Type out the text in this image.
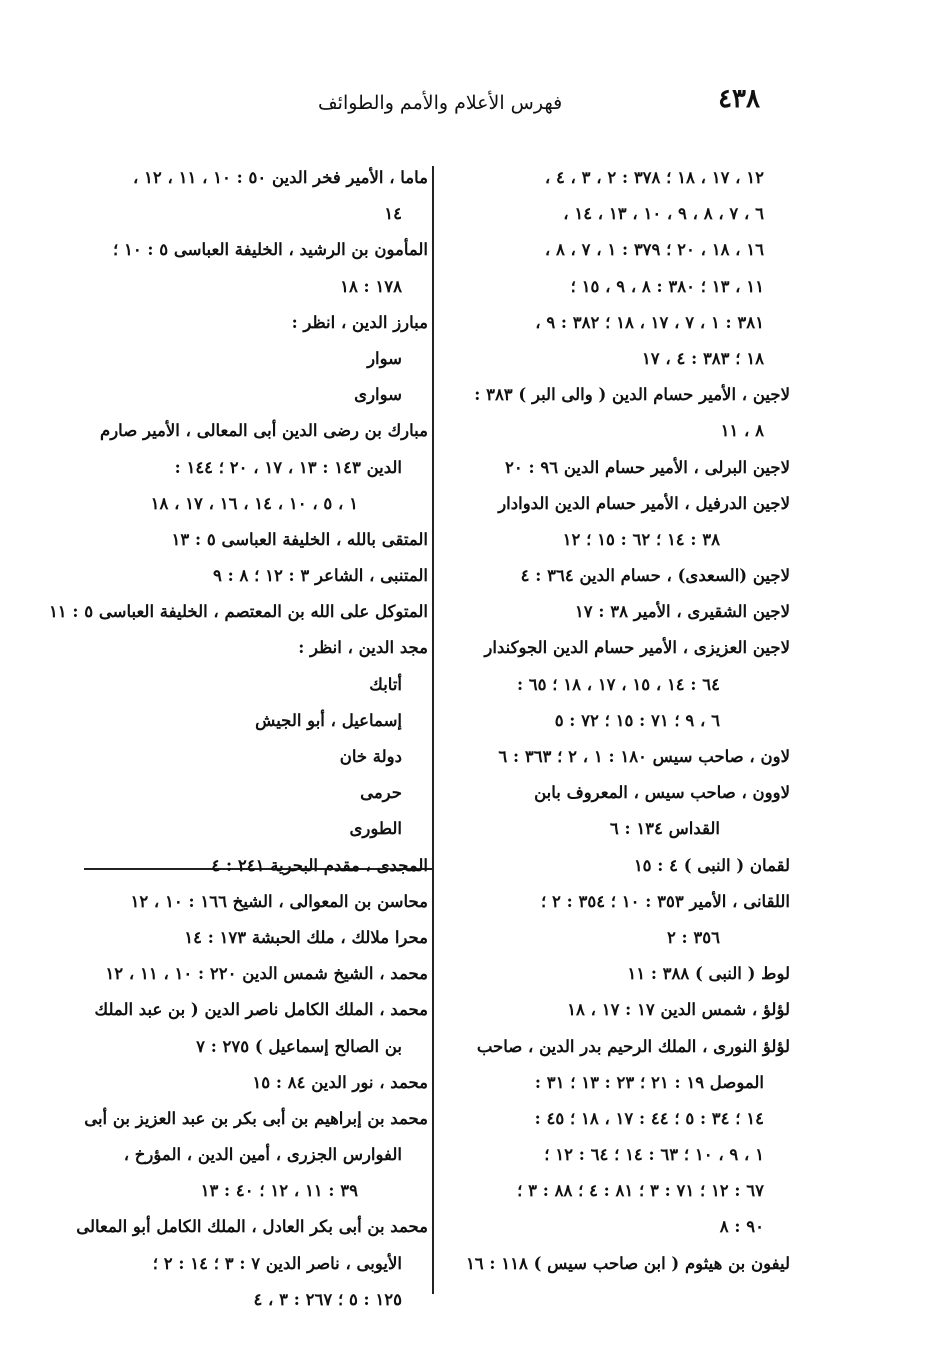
٤٣٨
فهرس الأعلام والأمم والطوائف
١٢ ، ١٧ ، ١٨ ؛ ٣٧٨ : ٢ ، ٣ ، ٤ ،
٦ ، ٧ ، ٨ ، ٩ ، ١٠ ، ١٣ ، ١٤ ،
١٦ ، ١٨ ، ٢٠ ؛ ٣٧٩ : ١ ، ٧ ، ٨ ،
١١ ، ١٣ ؛ ٣٨٠ : ٨ ، ٩ ، ١٥ ؛
٣٨١ : ١ ، ٧ ، ١٧ ، ١٨ ؛ ٣٨٢ : ٩ ،
١٨ ؛ ٣٨٣ : ٤ ، ١٧
لاجين ، الأمير حسام الدين ( والى البر ) ٣٨٣ :
٨ ، ١١
لاجين البرلى ، الأمير حسام الدين ٩٦ : ٢٠
لاجين الدرفيل ، الأمير حسام الدين الدوادار
٣٨ : ١٤ ؛ ٦٢ : ١٥ ؛ ١٢
لاجين (السعدى) ، حسام الدين ٣٦٤ : ٤
لاجين الشقيرى ، الأمير ٣٨ : ١٧
لاجين العزيزى ، الأمير حسام الدين الجوكندار
٦٤ : ١٤ ، ١٥ ، ١٧ ، ١٨ ؛ ٦٥ :
٦ ، ٩ ؛ ٧١ : ١٥ ؛ ٧٢ : ٥
لاون ، صاحب سيس ١٨٠ : ١ ، ٢ ؛ ٣٦٣ : ٦
لاوون ، صاحب سيس ، المعروف بابن
القداس ١٣٤ : ٦
لقمان ( النبى ) ٤ : ١٥
اللقانى ، الأمير ٣٥٣ : ١٠ ؛ ٣٥٤ : ٢ ؛
٣٥٦ : ٢
لوط ( النبى ) ٣٨٨ : ١١
لؤلؤ ، شمس الدين ١٧ : ١٧ ، ١٨
لؤلؤ النورى ، الملك الرحيم بدر الدين ، صاحب
الموصل ١٩ : ٢١ ؛ ٢٣ : ١٣ ؛ ٣١ :
١٤ ؛ ٣٤ : ٥ ؛ ٤٤ : ١٧ ، ١٨ ؛ ٤٥ :
١ ، ٩ ، ١٠ ؛ ٦٣ : ١٤ ؛ ٦٤ : ١٢ ؛
٦٧ : ١٢ ؛ ٧١ : ٣ ؛ ٨١ : ٤ ؛ ٨٨ : ٣ ؛
٩٠ : ٨
ليفون بن هيثوم ( ابن صاحب سيس ) ١١٨ : ١٦
ماما ، الأمير فخر الدين ٥٠ : ١٠ ، ١١ ، ١٢ ،
١٤
المأمون بن الرشيد ، الخليفة العباسى ٥ : ١٠ ؛
١٧٨ : ١٨
مبارز الدين ، انظر :
سوار
سوارى
مبارك بن رضى الدين أبى المعالى ، الأمير صارم
الدين ١٤٣ : ١٣ ، ١٧ ، ٢٠ ؛ ١٤٤ :
١ ، ٥ ، ١٠ ، ١٤ ، ١٦ ، ١٧ ، ١٨
المتقى بالله ، الخليفة العباسى ٥ : ١٣
المتنبى ، الشاعر ٣ : ١٢ ؛ ٨ : ٩
المتوكل على الله بن المعتصم ، الخليفة العباسى ٥ : ١١
مجد الدين ، انظر :
أتابك
إسماعيل ، أبو الجيش
دولة خان
حرمى
الطورى
المجدى ، مقدم البحرية ٢٤١ : ٤
محاسن بن المعوالى ، الشيخ ١٦٦ : ١٠ ، ١٢
محرا ملالك ، ملك الحبشة ١٧٣ : ١٤
محمد ، الشيخ شمس الدين ٢٢٠ : ١٠ ، ١١ ، ١٢
محمد ، الملك الكامل ناصر الدين ( بن عبد الملك
بن الصالح إسماعيل ) ٢٧٥ : ٧
محمد ، نور الدين ٨٤ : ١٥
محمد بن إبراهيم بن أبى بكر بن عبد العزيز بن أبى
الفوارس الجزرى ، أمين الدين ، المؤرخ ،
٣٩ : ١١ ، ١٢ ؛ ٤٠ : ١٣
محمد بن أبى بكر العادل ، الملك الكامل أبو المعالى
الأيوبى ، ناصر الدين ٧ : ٣ ؛ ١٤ : ٢ ؛
١٢٥ : ٥ ؛ ٢٦٧ : ٣ ، ٤
